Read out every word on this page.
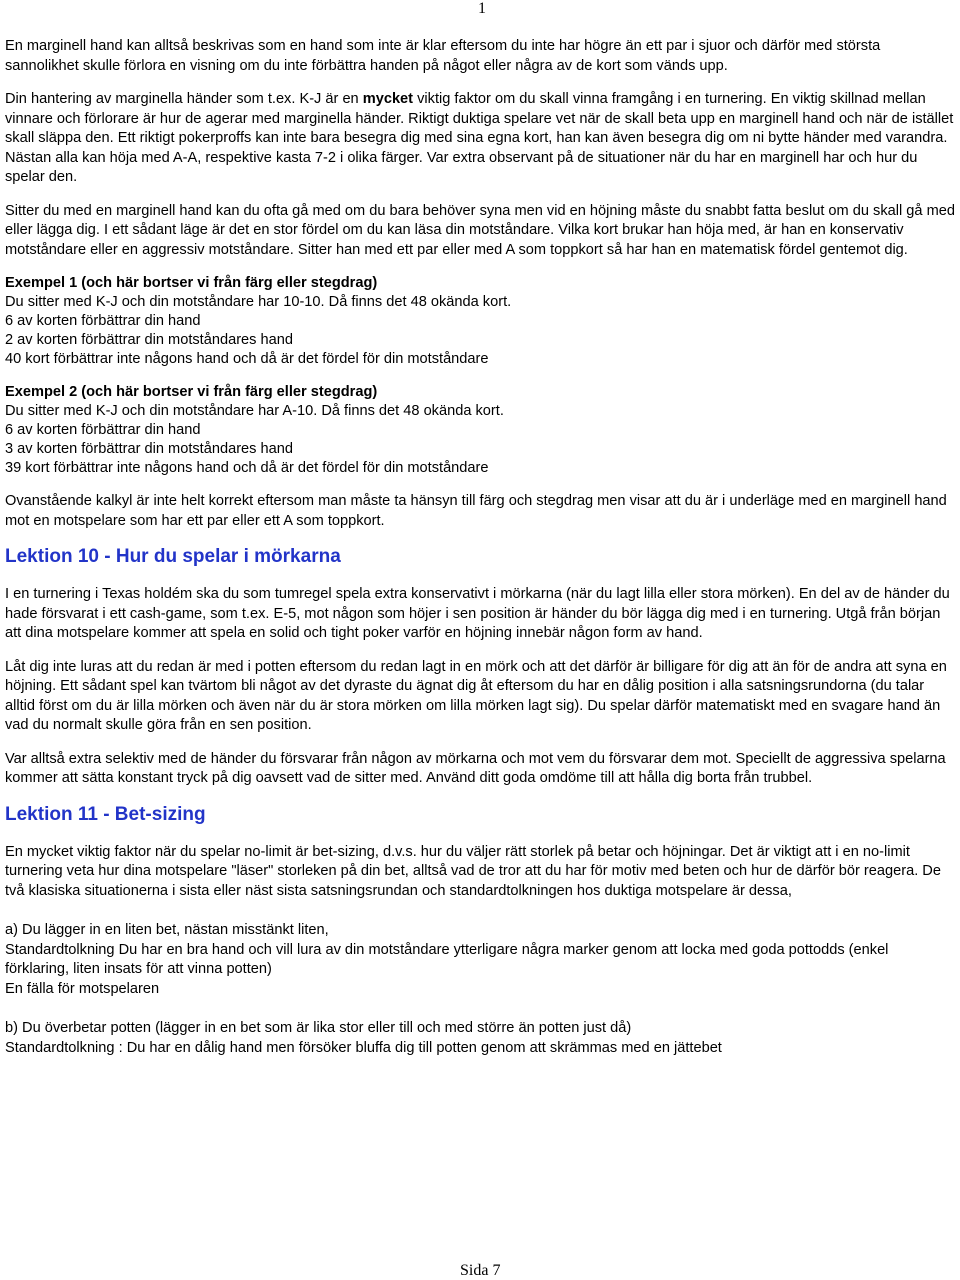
1

En marginell hand kan alltså beskrivas som en hand som inte är klar eftersom du inte har högre än ett par i sjuor och därför med största sannolikhet skulle förlora en visning om du inte förbättra handen på något eller några av de kort som vänds upp.

Din hantering av marginella händer som t.ex. K-J är en mycket viktig faktor om du skall vinna framgång i en turnering. En viktig skillnad mellan vinnare och förlorare är hur de agerar med marginella händer. Riktigt duktiga spelare vet när de skall beta upp en marginell hand och när de istället skall släppa den. Ett riktigt pokerproffs kan inte bara besegra dig med sina egna kort, han kan även besegra dig om ni bytte händer med varandra. Nästan alla kan höja med A-A, respektive kasta 7-2 i olika färger. Var extra observant på de situationer när du har en marginell har och hur du spelar den.

Sitter du med en marginell hand kan du ofta gå med om du bara behöver syna men vid en höjning måste du snabbt fatta beslut om du skall gå med eller lägga dig. I ett sådant läge är det en stor fördel om du kan läsa din motståndare. Vilka kort brukar han höja med, är han en konservativ motståndare eller en aggressiv motståndare. Sitter han med ett par eller med A som toppkort så har han en matematisk fördel gentemot dig.

Exempel 1 (och här bortser vi från färg eller stegdrag)
Du sitter med K-J och din motståndare har 10-10. Då finns det 48 okända kort.
6 av korten förbättrar din hand
2 av korten förbättrar din motståndares hand
40 kort förbättrar inte någons hand och då är det fördel för din motståndare
Exempel 2 (och här bortser vi från färg eller stegdrag)
Du sitter med K-J och din motståndare har A-10. Då finns det 48 okända kort.
6 av korten förbättrar din hand
3 av korten förbättrar din motståndares hand
39 kort förbättrar inte någons hand och då är det fördel för din motståndare

Ovanstående kalkyl är inte helt korrekt eftersom man måste ta hänsyn till färg och stegdrag men visar att du är i underläge med en marginell hand mot en motspelare som har ett par eller ett A som toppkort.

Lektion 10 - Hur du spelar i mörkarna

I en turnering i Texas holdém ska du som tumregel spela extra konservativt i mörkarna (när du lagt lilla eller stora mörken). En del av de händer du hade försvarat i ett cash-game, som t.ex. E-5, mot någon som höjer i sen position är händer du bör lägga dig med i en turnering. Utgå från början att dina motspelare kommer att spela en solid och tight poker varför en höjning innebär någon form av hand.

Låt dig inte luras att du redan är med i potten eftersom du redan lagt in en mörk och att det därför är billigare för dig att än för de andra att syna en höjning. Ett sådant spel kan tvärtom bli något av det dyraste du ägnat dig åt eftersom du har en dålig position i alla satsningsrundorna (du talar alltid först om du är lilla mörken och även när du är stora mörken om lilla mörken lagt sig). Du spelar därför matematiskt med en svagare hand än vad du normalt skulle göra från en sen position.

Var alltså extra selektiv med de händer du försvarar från någon av mörkarna och mot vem du försvarar dem mot. Speciellt de aggressiva spelarna kommer att sätta konstant tryck på dig oavsett vad de sitter med. Använd ditt goda omdöme till att hålla dig borta från trubbel.

Lektion 11 - Bet-sizing

En mycket viktig faktor när du spelar no-limit är bet-sizing, d.v.s. hur du väljer rätt storlek på betar och höjningar. Det är viktigt att i en no-limit turnering veta hur dina motspelare "läser" storleken på din bet, alltså vad de tror att du har för motiv med beten och hur de därför bör reagera. De två klasiska situationerna i sista eller näst sista satsningsrundan och standardtolkningen hos duktiga motspelare är dessa,

a) Du lägger in en liten bet, nästan misstänkt liten,
Standardtolkning Du har en bra hand och vill lura av din motståndare ytterligare några marker genom att locka med goda pottodds (enkel förklaring, liten insats för att vinna potten)
En fälla för motspelaren
b) Du överbetar potten (lägger in en bet som är lika stor eller till och med större än potten just då)
Standardtolkning : Du har en dålig hand men försöker bluffa dig till potten genom att skrämmas med en jättebet
Sida 7
